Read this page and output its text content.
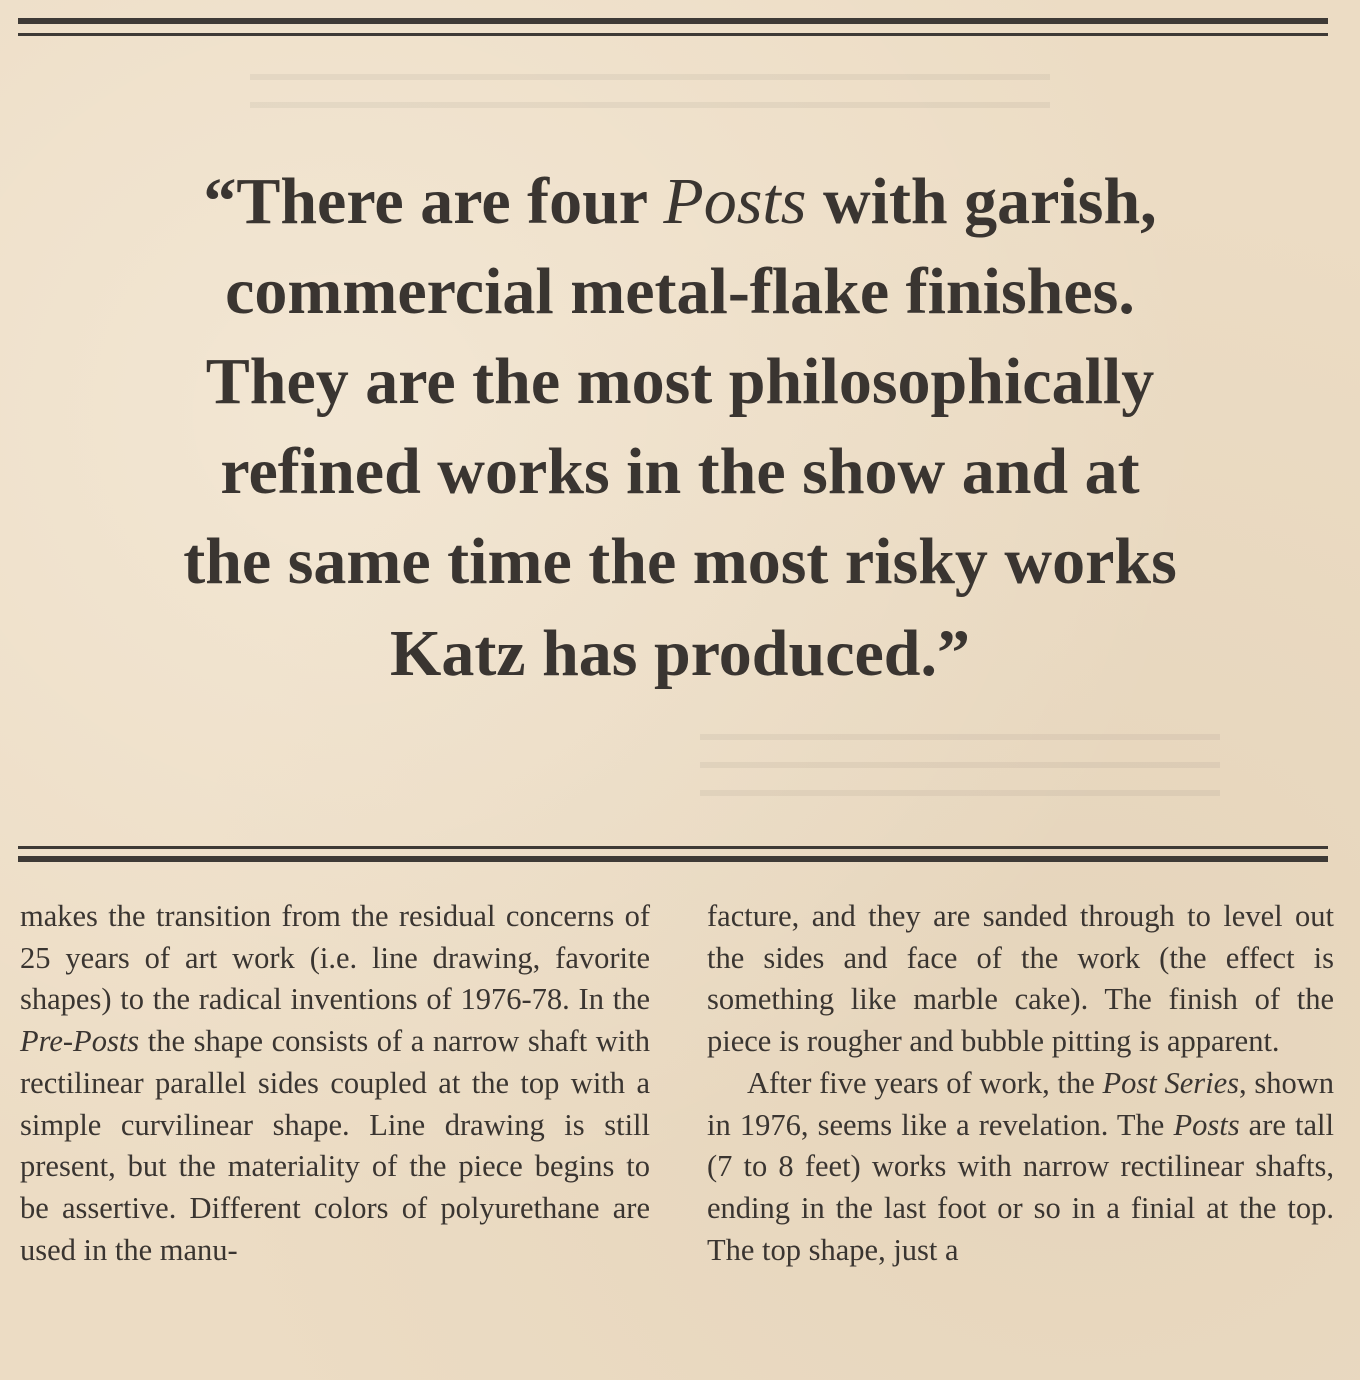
“There are four Posts with garish,
commercial metal-flake finishes.
They are the most philosophically
refined works in the show and at
the same time the most risky works
Katz has produced.”

makes the transition from the residual concerns of 25 years of art work (i.e. line drawing, favorite shapes) to the radical inventions of 1976-78. In the Pre-Posts the shape consists of a narrow shaft with rectilinear parallel sides coupled at the top with a simple curvilinear shape. Line drawing is still present, but the materiality of the piece begins to be assertive. Different colors of polyurethane are used in the manu-

facture, and they are sanded through to level out the sides and face of the work (the effect is something like marble cake). The finish of the piece is rougher and bubble pitting is apparent.

After five years of work, the Post Series, shown in 1976, seems like a revelation. The Posts are tall (7 to 8 feet) works with narrow rectilinear shafts, ending in the last foot or so in a finial at the top. The top shape, just a
